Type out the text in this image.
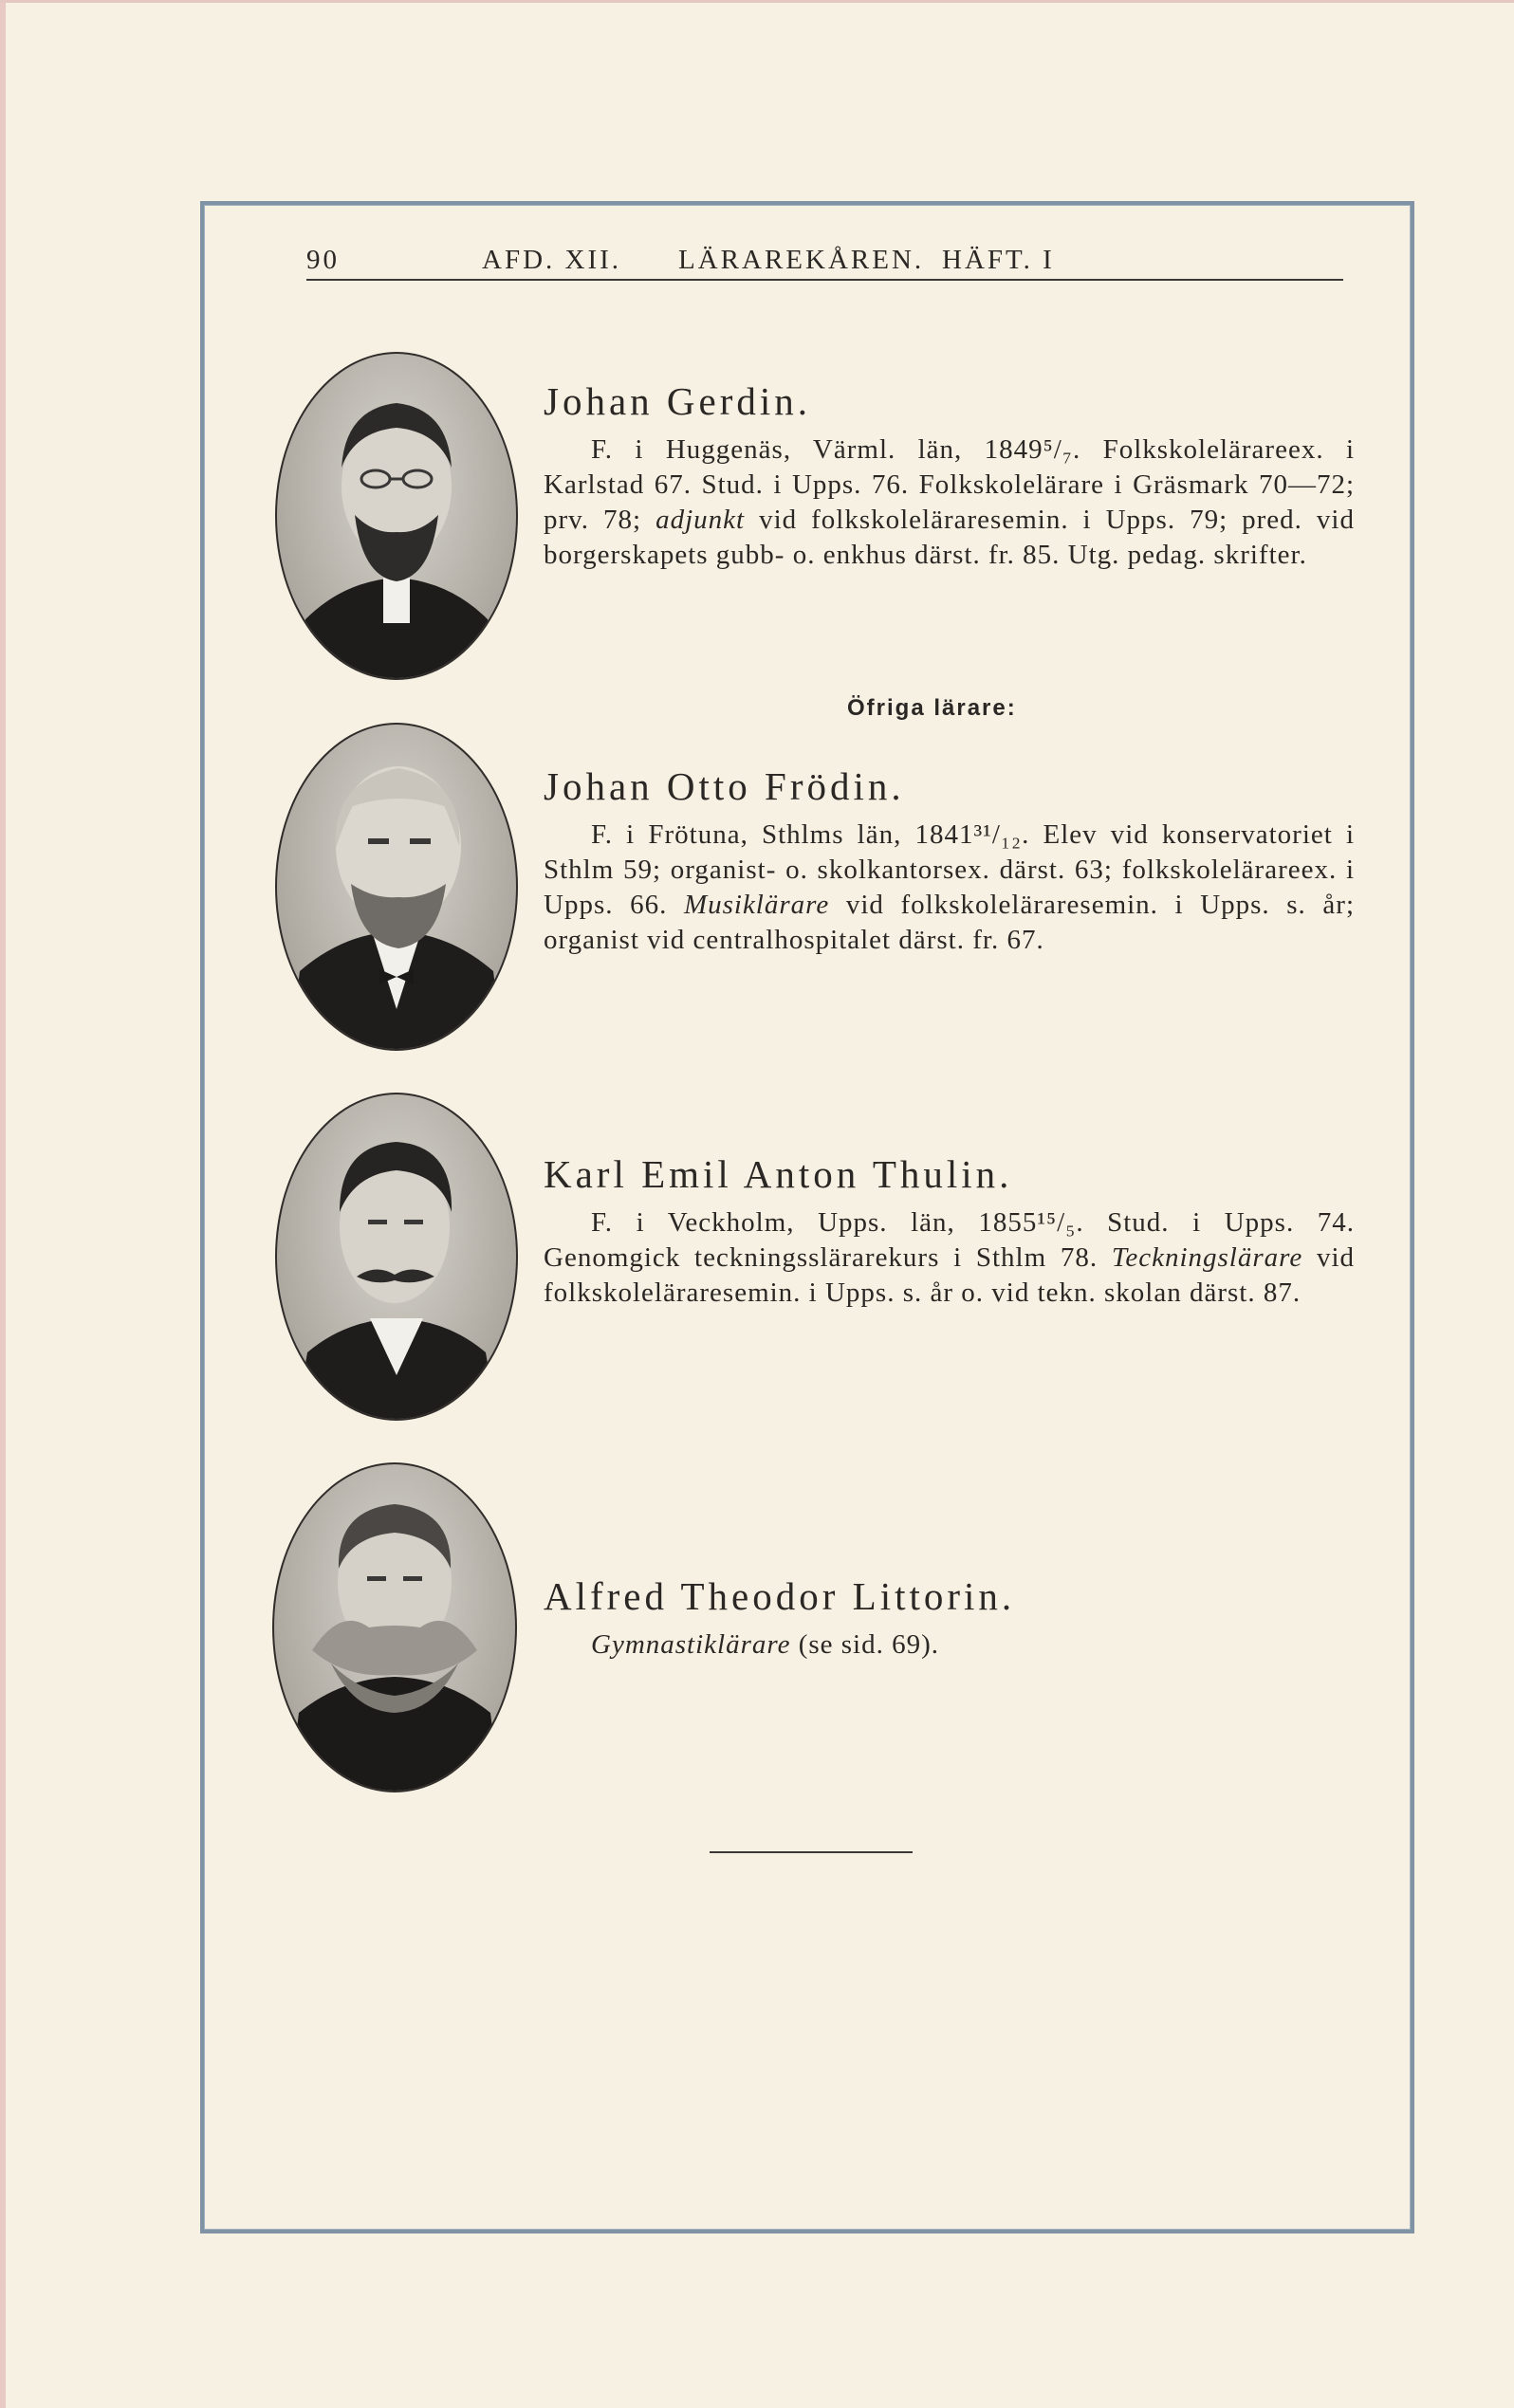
90	AFD. XII. LÄRAREKÅREN. HÄFT. I
Johan Gerdin.

F. i Huggenäs, Värml. län, 1849⁵/₇. Folkskolelärareex. i Karlstad 67. Stud. i Upps. 76. Folkskolelärare i Gräsmark 70—72; prv. 78; adjunkt vid folkskoleläraresemin. i Upps. 79; pred. vid borgerskapets gubb- o. enkhus därst. fr. 85. Utg. pedag. skrifter.

Öfriga lärare:
Johan Otto Frödin.

F. i Frötuna, Sthlms län, 1841³¹/₁₂. Elev vid konservatoriet i Sthlm 59; organist- o. skolkantorsex. därst. 63; folkskolelärareex. i Upps. 66. Musiklärare vid folkskoleläraresemin. i Upps. s. år; organist vid centralhospitalet därst. fr. 67.

Karl Emil Anton Thulin.

F. i Veckholm, Upps. län, 1855¹⁵/₅. Stud. i Upps. 74. Genomgick teckningsslärarekurs i Sthlm 78. Teckningslärare vid folkskoleläraresemin. i Upps. s. år o. vid tekn. skolan därst. 87.

Alfred Theodor Littorin.

Gymnastiklärare (se sid. 69).
